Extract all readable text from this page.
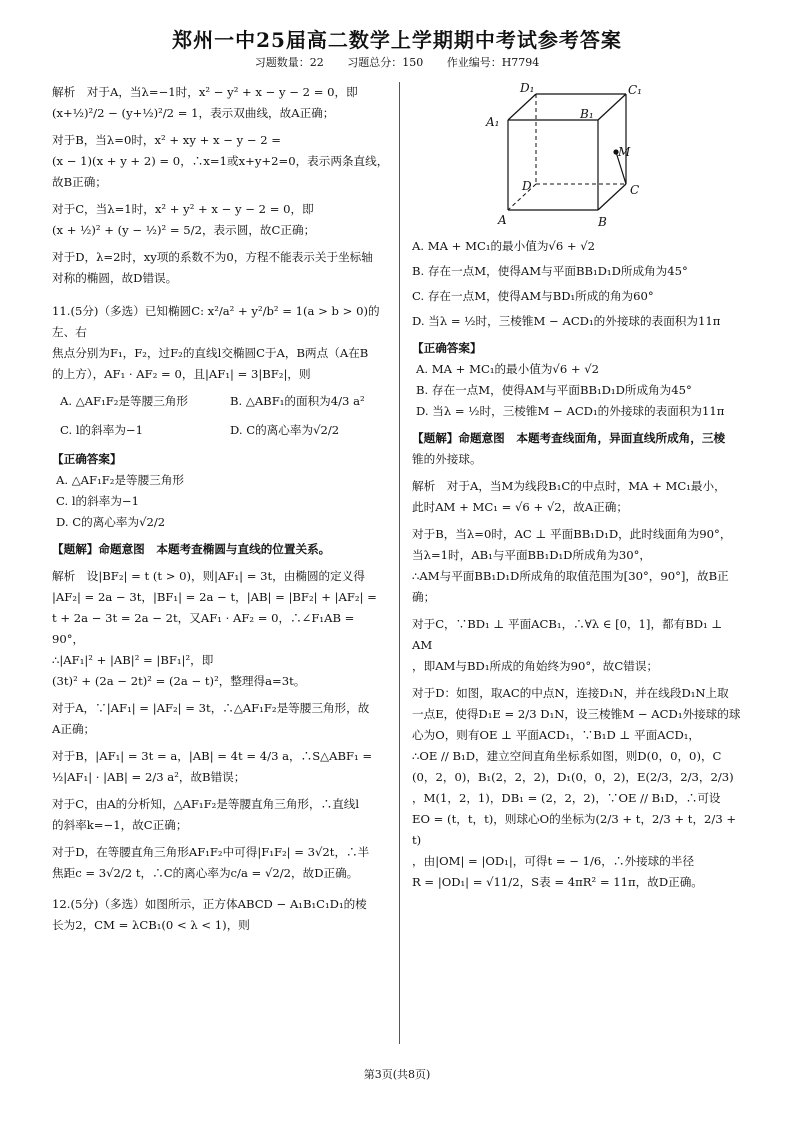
郑州一中25届高二数学上学期期中考试参考答案
习题数量：22 习题总分：150 作业编号：H7794
解析　对于A，当λ=−1时，x² − y² + x − y − 2 = 0，即
(x+½)²/2 − (y+½)²/2 = 1，表示双曲线，故A正确；
对于B，当λ=0时，x² + xy + x − y − 2 =
(x − 1)(x + y + 2) = 0，∴x=1或x+y+2=0，表示两条直线，
故B正确；
对于C，当λ=1时，x² + y² + x − y − 2 = 0，即
(x + ½)² + (y − ½)² = 5/2，表示圆，故C正确；
对于D，λ=2时，xy项的系数不为0，方程不能表示关于坐标轴
对称的椭圆，故D错误。
11.(5分)（多选）已知椭圆C: x²/a² + y²/b² = 1(a > b > 0)的左、右
焦点分别为F₁，F₂，过F₂的直线l交椭圆C于A，B两点（A在B
的上方），AF₁ · AF₂ = 0，且|AF₁| = 3|BF₂|，则
A. △AF₁F₂是等腰三角形	B. △ABF₁的面积为4/3 a²
C. l的斜率为−1	D. C的离心率为√2/2
【正确答案】
A. △AF₁F₂是等腰三角形
C. l的斜率为−1
D. C的离心率为√2/2
【题解】命题意图　本题考查椭圆与直线的位置关系。
解析　设|BF₂| = t (t > 0)，则|AF₁| = 3t，由椭圆的定义得
|AF₂| = 2a − 3t，|BF₁| = 2a − t，|AB| = |BF₂| + |AF₂| =
t + 2a − 3t = 2a − 2t，又AF₁ · AF₂ = 0，∴∠F₁AB = 90°，
∴|AF₁|² + |AB|² = |BF₁|²，即
(3t)² + (2a − 2t)² = (2a − t)²，整理得a=3t。
对于A，∵|AF₁| = |AF₂| = 3t，∴△AF₁F₂是等腰三角形，故
A正确；
对于B，|AF₁| = 3t = a，|AB| = 4t = 4/3 a，∴S△ABF₁ =
½|AF₁| · |AB| = 2/3 a²，故B错误；
对于C，由A的分析知，△AF₁F₂是等腰直角三角形，∴直线l
的斜率k=−1，故C正确；
对于D，在等腰直角三角形AF₁F₂中可得|F₁F₂| = 3√2t，∴半
焦距c = 3√2/2 t，∴C的离心率为c/a = √2/2，故D正确。
12.(5分)（多选）如图所示，正方体ABCD − A₁B₁C₁D₁的棱
长为2，CM = λCB₁(0 < λ < 1)，则
D₁	C₁
A₁
B₁
M
D	C
A	B
A. MA + MC₁的最小值为√6 + √2
B. 存在一点M，使得AM与平面BB₁D₁D所成角为45°
C. 存在一点M，使得AM与BD₁所成的角为60°
D. 当λ = ½时，三棱锥M − ACD₁的外接球的表面积为11π
【正确答案】
A. MA + MC₁的最小值为√6 + √2
B. 存在一点M，使得AM与平面BB₁D₁D所成角为45°
D. 当λ = ½时，三棱锥M − ACD₁的外接球的表面积为11π
【题解】命题意图　本题考查线面角，异面直线所成角，三棱
锥的外接球。
解析　对于A，当M为线段B₁C的中点时，MA + MC₁最小，
此时AM + MC₁ = √6 + √2，故A正确；
对于B，当λ=0时，AC ⊥ 平面BB₁D₁D，此时线面角为90°，
当λ=1时，AB₁与平面BB₁D₁D所成角为30°，
∴AM与平面BB₁D₁D所成角的取值范围为[30°，90°]，故B正
确；
对于C，∵BD₁ ⊥ 平面ACB₁，∴∀λ ∈ [0，1]，都有BD₁ ⊥ AM
，即AM与BD₁所成的角始终为90°，故C错误；
对于D：如图，取AC的中点N，连接D₁N，并在线段D₁N上取
一点E，使得D₁E = 2/3 D₁N，设三棱锥M − ACD₁外接球的球
心为O，则有OE ⊥ 平面ACD₁，∵B₁D ⊥ 平面ACD₁，
∴OE // B₁D，建立空间直角坐标系如图，则D(0，0，0)，C
(0，2，0)，B₁(2，2，2)，D₁(0，0，2)，E(2/3，2/3，2/3)
，M(1，2，1)，DB₁ = (2，2，2)，∵OE // B₁D，∴可设
EO = (t，t，t)，则球心O的坐标为(2/3 + t，2/3 + t，2/3 + t)
，由|OM| = |OD₁|，可得t = − 1/6，∴外接球的半径
R = |OD₁| = √11/2，S表 = 4πR² = 11π，故D正确。
第3页(共8页)
